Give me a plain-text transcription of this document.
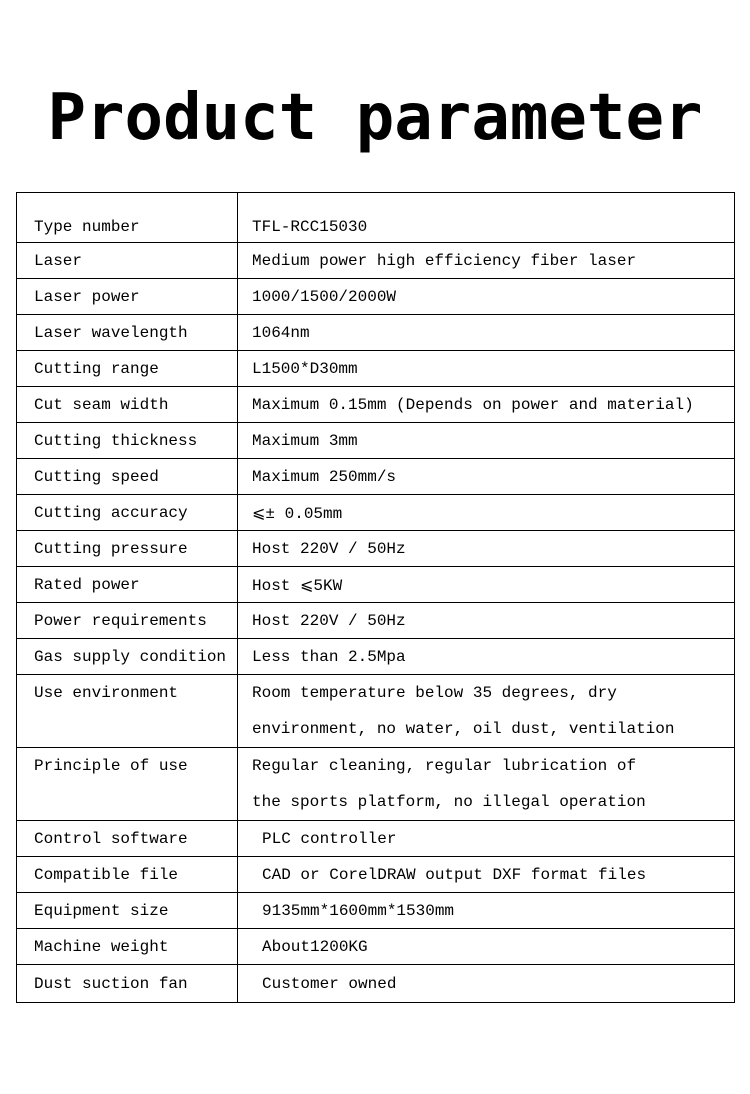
Product parameter
Type number	TFL-RCC15030
Laser	Medium power high efficiency fiber laser
Laser power	1000/1500/2000W
Laser wavelength	1064nm
Cutting range	L1500*D30mm
Cut seam width	Maximum 0.15mm (Depends on power and material)
Cutting thickness	Maximum 3mm
Cutting speed	Maximum 250mm/s
Cutting accuracy	⩽± 0.05mm
Cutting pressure	Host 220V / 50Hz
Rated power	Host ⩽5KW
Power requirements	Host 220V / 50Hz
Gas supply condition	Less than 2.5Mpa
Use environment	Room temperature below 35 degrees, dry
environment, no water, oil dust, ventilation

Principle of use	Regular cleaning, regular lubrication of
the sports platform, no illegal operation

Control software	PLC controller
Compatible file	CAD or CorelDRAW output DXF format files
Equipment size	9135mm*1600mm*1530mm
Machine weight	About1200KG
Dust suction fan	Customer owned
